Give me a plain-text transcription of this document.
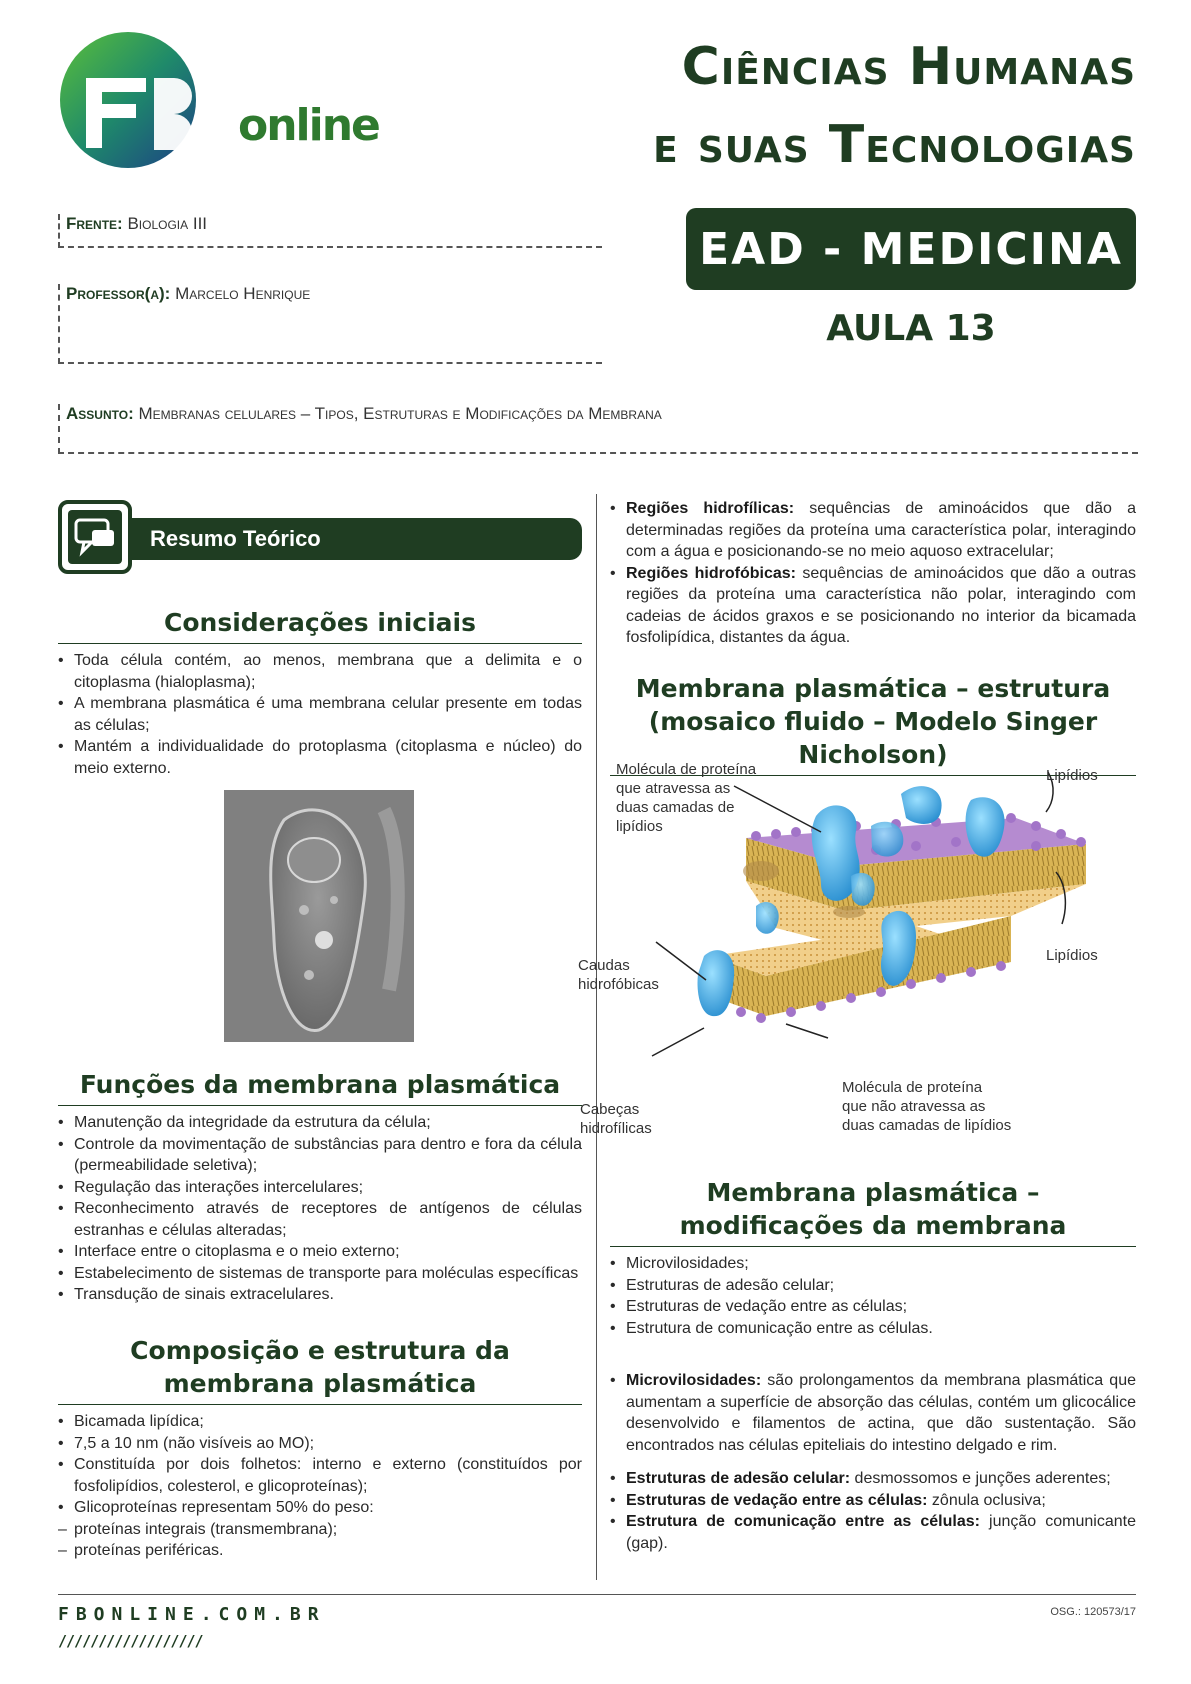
online
Ciências Humanas
e suas Tecnologias
EAD - MEDICINA
AULA 13
Frente: Biologia III
Professor(a): Marcelo Henrique
Assunto: Membranas celulares – Tipos, Estruturas e Modificações da Membrana
Resumo Teórico
Considerações iniciais
• Toda célula contém, ao menos, membrana que a delimita e o citoplasma (hialoplasma);
• A membrana plasmática é uma membrana celular presente em todas as células;
• Mantém a individualidade do protoplasma (citoplasma e núcleo) do meio externo.
Funções da membrana plasmática
• Manutenção da integridade da estrutura da célula;
• Controle da movimentação de substâncias para dentro e fora da célula (permeabilidade seletiva);
• Regulação das interações intercelulares;
• Reconhecimento através de receptores de antígenos de células estranhas e células alteradas;
• Interface entre o citoplasma e o meio externo;
• Estabelecimento de sistemas de transporte para moléculas específicas
• Transdução de sinais extracelulares.
Composição e estrutura da
membrana plasmática
• Bicamada lipídica;
• 7,5 a 10 nm (não visíveis ao MO);
• Constituída por dois folhetos: interno e externo (constituídos por fosfolipídios, colesterol, e glicoproteínas);
• Glicoproteínas representam 50% do peso:
– proteínas integrais (transmembrana);
– proteínas periféricas.
• Regiões hidrofílicas: sequências de aminoácidos que dão a determinadas regiões da proteína uma característica polar, interagindo com a água e posicionando-se no meio aquoso extracelular;
• Regiões hidrofóbicas: sequências de aminoácidos que dão a outras regiões da proteína uma característica não polar, interagindo com cadeias de ácidos graxos e se posicionando no interior da bicamada fosfolipídica, distantes da água.
Membrana plasmática – estrutura
(mosaico fluido – Modelo Singer Nicholson)
Molécula de proteína
que atravessa as
duas camadas de
lipídios
Lipídios
Lipídios
Caudas
hidrofóbicas
Cabeças
hidrofílicas
Molécula de proteína
que não atravessa as
duas camadas de lipídios
Membrana plasmática –
modificações da membrana
• Microvilosidades;
• Estruturas de adesão celular;
• Estruturas de vedação entre as células;
• Estrutura de comunicação entre as células.
• Microvilosidades: são prolongamentos da membrana plasmática que aumentam a superfície de absorção das células, contém um glicocálice desenvolvido e filamentos de actina, que dão sustentação. São encontrados nas células epiteliais do intestino delgado e rim.
• Estruturas de adesão celular: desmossomos e junções aderentes;
• Estruturas de vedação entre as células: zônula oclusiva;
• Estrutura de comunicação entre as células: junção comunicante (gap).
FBONLINE.COM.BR
//////////////////
OSG.: 120573/17
